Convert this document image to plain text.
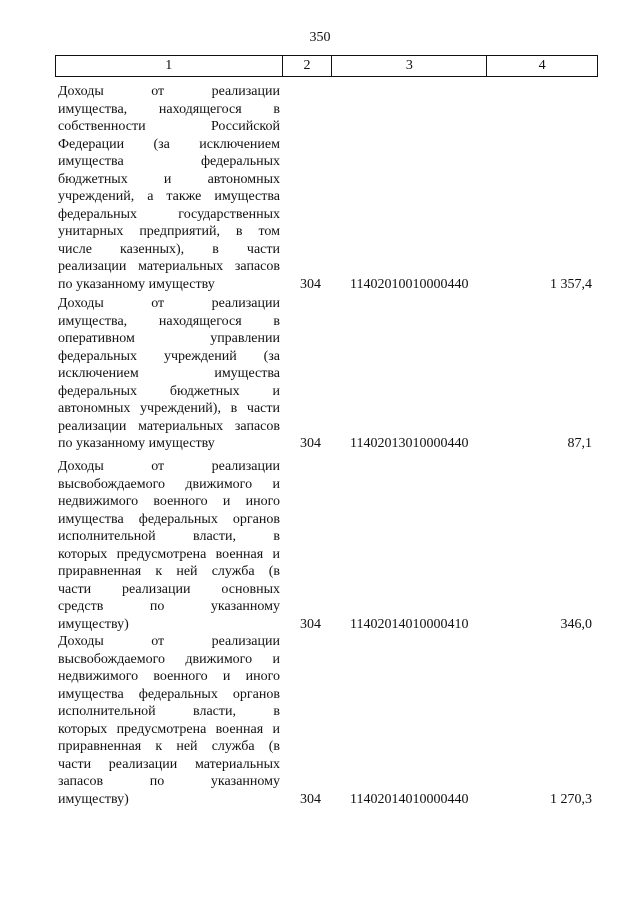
350
1	2	3	4
Доходы от реализации
имущества, находящегося в
собственности Российской
Федерации (за исключением
имущества федеральных
бюджетных и автономных
учреждений, а также имущества
федеральных государственных
унитарных предприятий, в том
числе казенных), в части
реализации материальных запасов
по указанному имуществу	304 11402010010000440	1 357,4
Доходы от реализации
имущества, находящегося в
оперативном управлении
федеральных учреждений (за
исключением имущества
федеральных бюджетных и
автономных учреждений), в части
реализации материальных запасов
по указанному имуществу	304 11402013010000440	87,1
Доходы от реализации
высвобождаемого движимого и
недвижимого военного и иного
имущества федеральных органов
исполнительной власти, в
которых предусмотрена военная и
приравненная к ней служба (в
части реализации основных
средств по указанному
имуществу)	304 11402014010000410	346,0
Доходы от реализации
высвобождаемого движимого и
недвижимого военного и иного
имущества федеральных органов
исполнительной власти, в
которых предусмотрена военная и
приравненная к ней служба (в
части реализации материальных
запасов по указанному
имуществу)	304 11402014010000440	1 270,3
